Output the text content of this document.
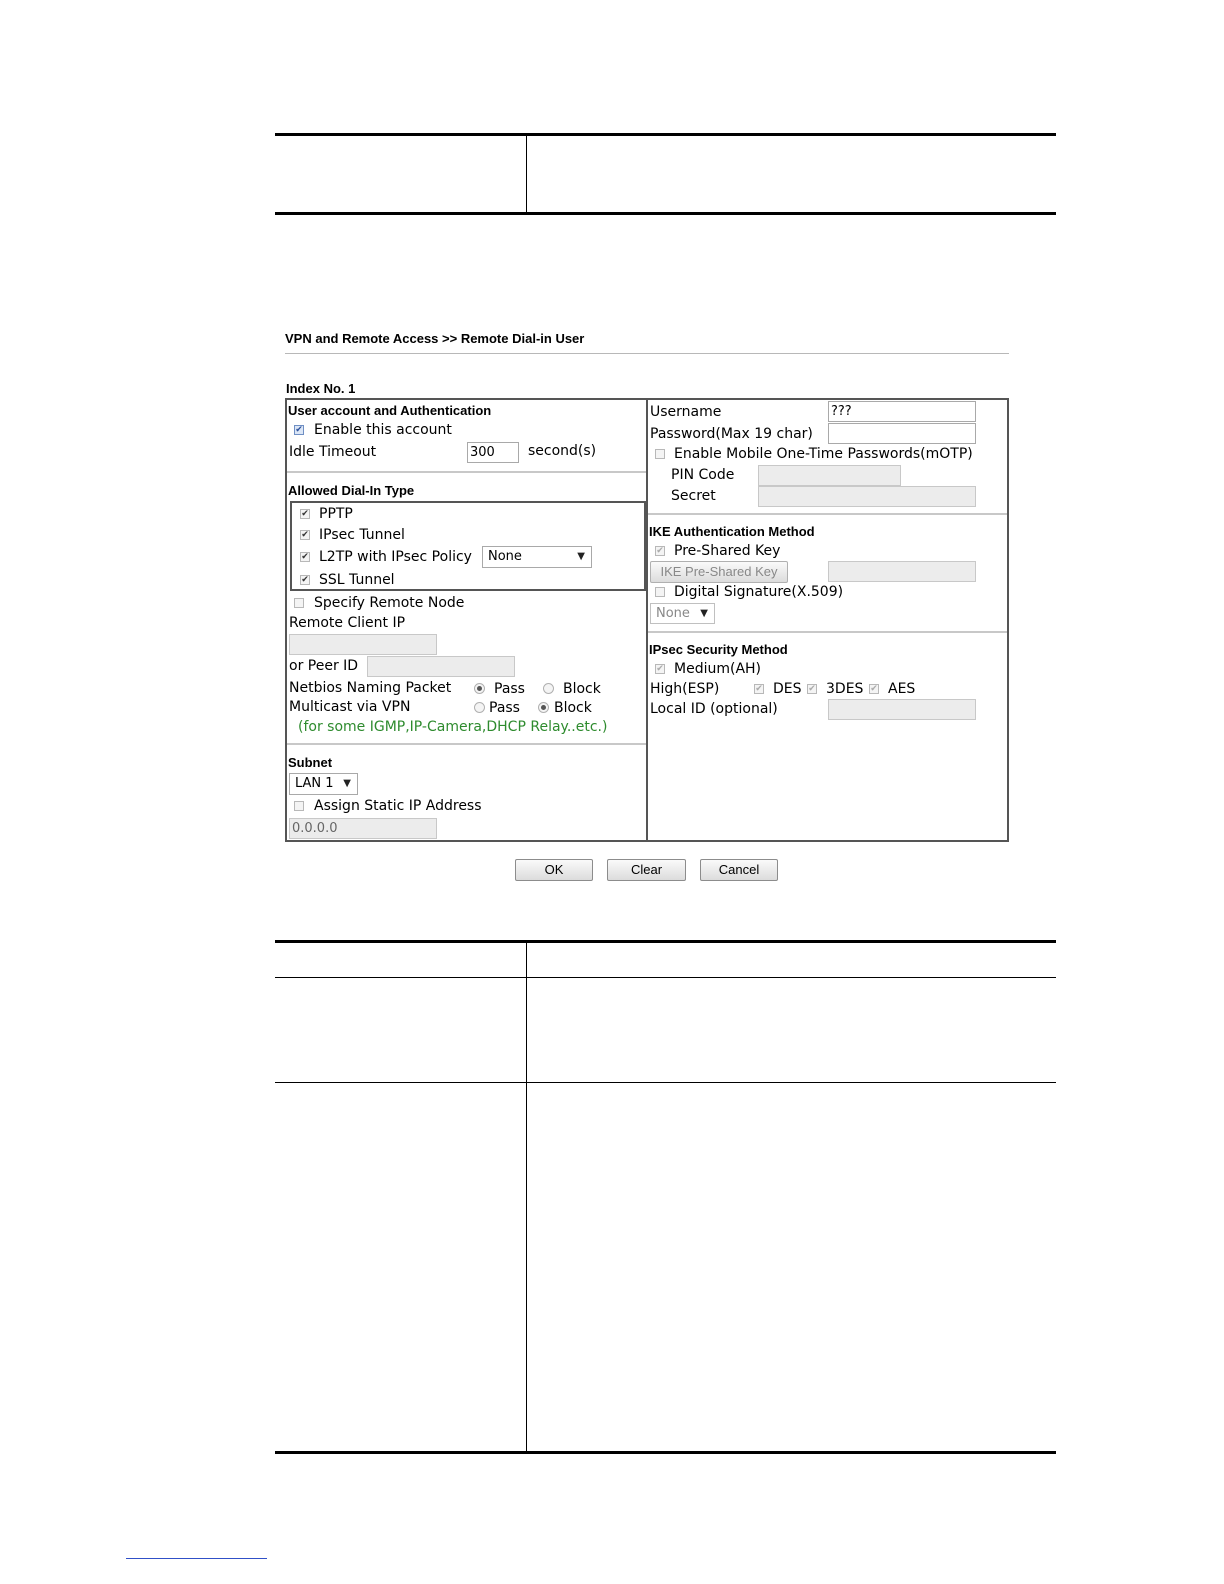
VPN and Remote Access >> Remote Dial-in User
Index No. 1
User account and Authentication
✔ Enable this account
Idle Timeout	300	second(s)
Allowed Dial-In Type
✔ PPTP
✔ IPsec Tunnel
✔ L2TP with IPsec Policy	None	▼
✔ SSL Tunnel
Specify Remote Node
Remote Client IP
or Peer ID
Netbios Naming Packet	Pass	Block
Multicast via VPN	Pass Block
(for some IGMP,IP-Camera,DHCP Relay..etc.)
Subnet
LAN 1 ▼
Assign Static IP Address
0.0.0.0
Username	???
Password(Max 19 char)
Enable Mobile One-Time Passwords(mOTP)
PIN Code
Secret
IKE Authentication Method
✔ Pre-Shared Key
IKE Pre-Shared Key
Digital Signature(X.509)
None ▼
IPsec Security Method
✔ Medium(AH)
High(ESP)	✔ DES ✔ 3DES ✔ AES
Local ID (optional)
OK	Clear	Cancel
